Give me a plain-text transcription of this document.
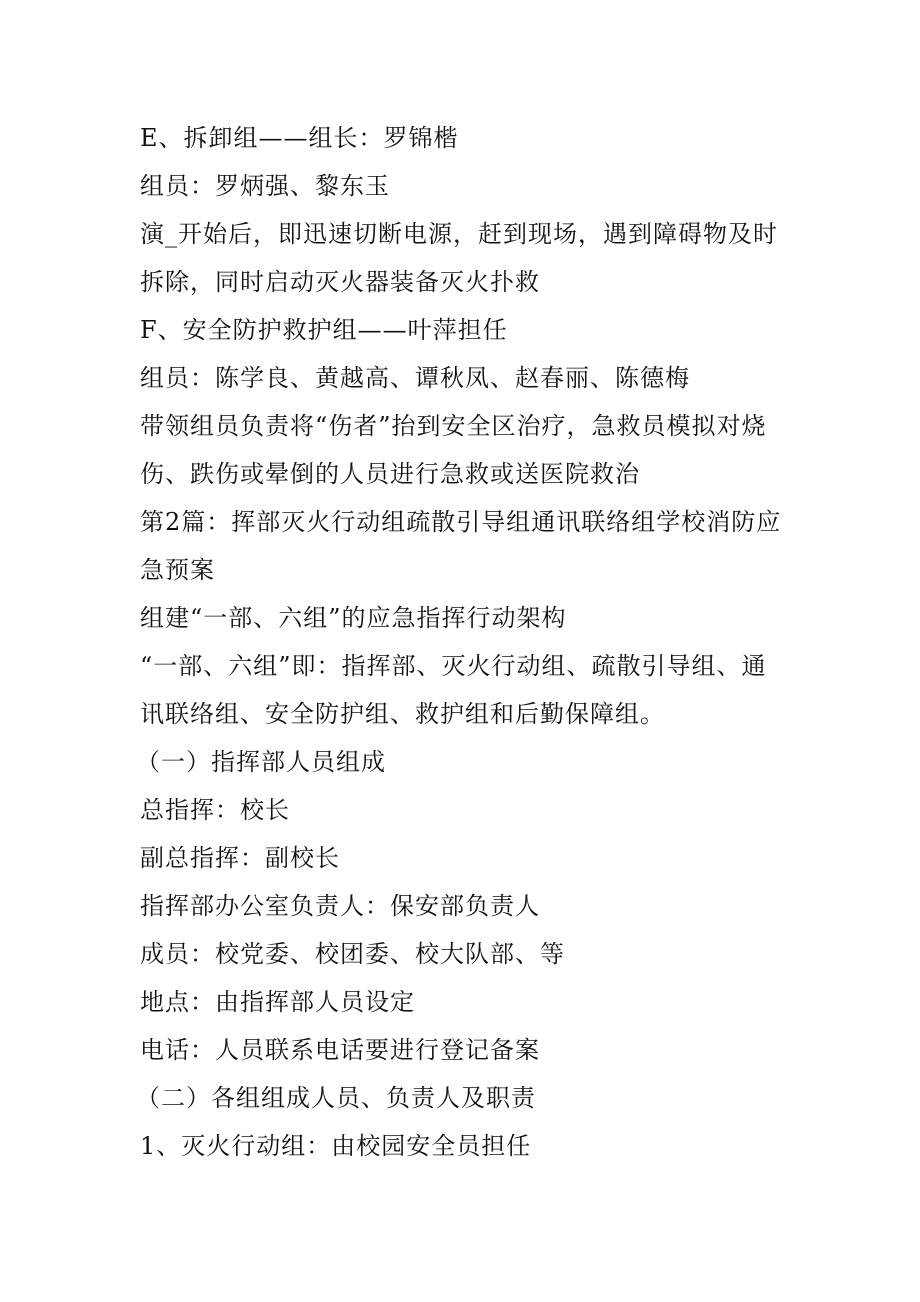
E、拆卸组——组长：罗锦楷
组员：罗炳强、黎东玉
演_开始后，即迅速切断电源，赶到现场，遇到障碍物及时
拆除，同时启动灭火器装备灭火扑救
F、安全防护救护组——叶萍担任
组员：陈学良、黄越高、谭秋凤、赵春丽、陈德梅
带领组员负责将“伤者”抬到安全区治疗，急救员模拟对烧
伤、跌伤或晕倒的人员进行急救或送医院救治
第2篇：挥部灭火行动组疏散引导组通讯联络组学校消防应
急预案
组建“一部、六组”的应急指挥行动架构
“一部、六组”即：指挥部、灭火行动组、疏散引导组、通
讯联络组、安全防护组、救护组和后勤保障组。
（一）指挥部人员组成
总指挥：校长
副总指挥：副校长
指挥部办公室负责人：保安部负责人
成员：校党委、校团委、校大队部、等
地点：由指挥部人员设定
电话：人员联系电话要进行登记备案
（二）各组组成人员、负责人及职责
1、灭火行动组：由校园安全员担任
